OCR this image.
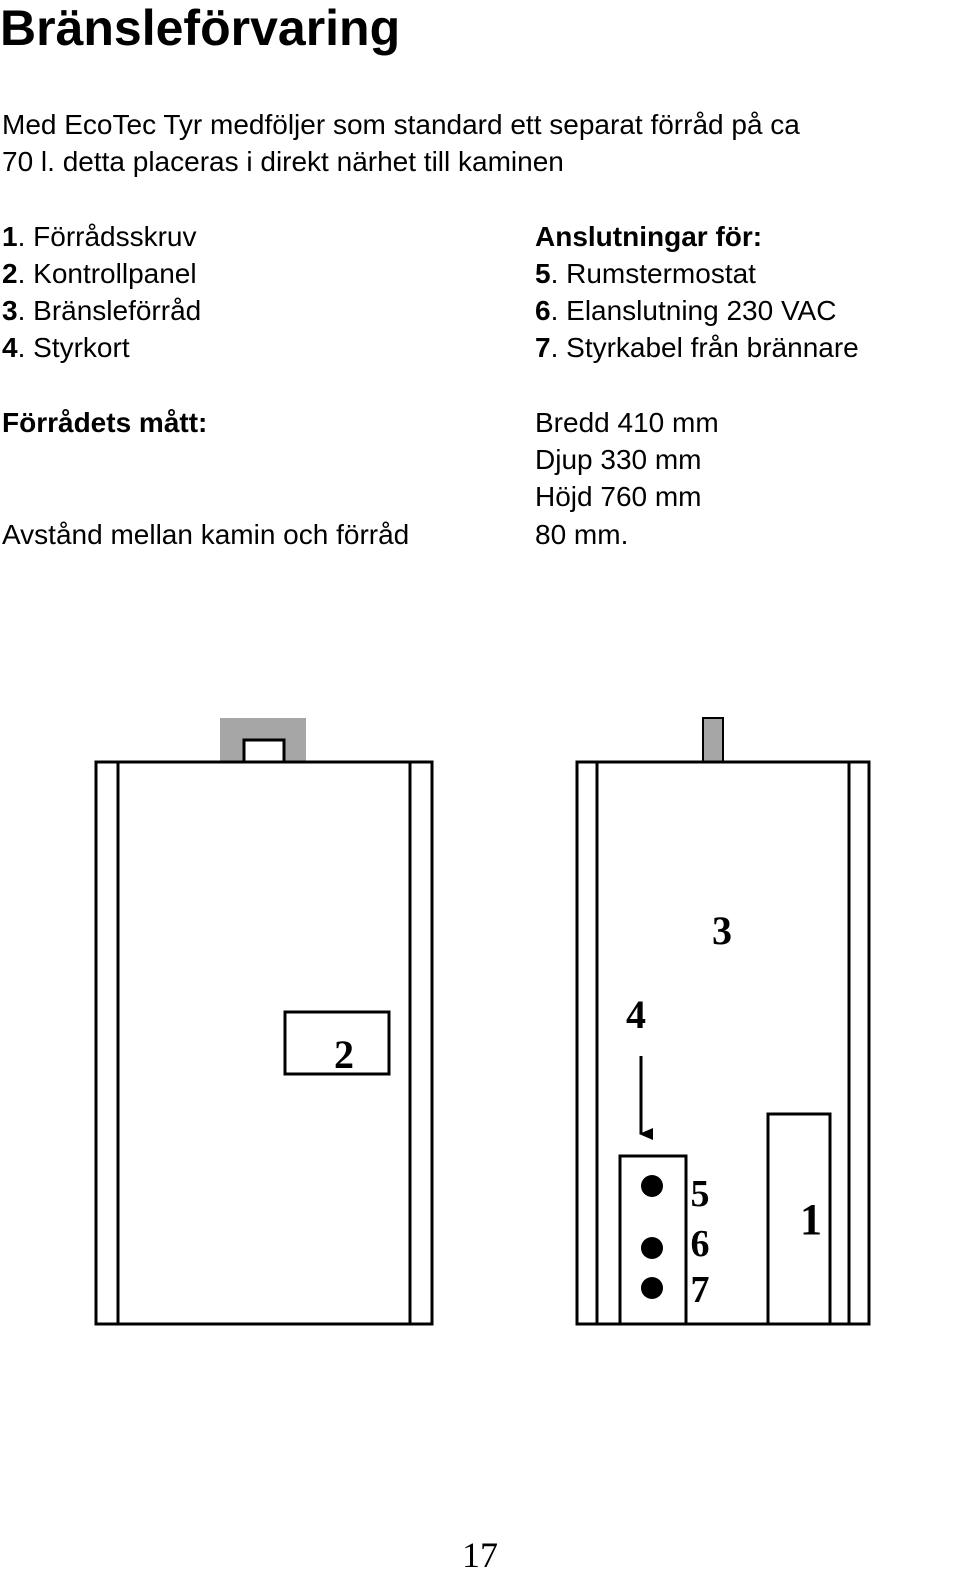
Bränsleförvaring
Med EcoTec Tyr medföljer som standard ett separat förråd på ca
70 l. detta placeras i direkt närhet till kaminen
1. Förrådsskruv
2. Kontrollpanel
3. Bränsleförråd
4. Styrkort
Anslutningar för:
5. Rumstermostat
6. Elanslutning 230 VAC
7. Styrkabel från brännare
Förrådets mått:	Bredd 410 mm
Djup 330 mm
Höjd 760 mm
Avstånd mellan kamin och förråd	80 mm.
2
3
4
5
6
7
1
17
